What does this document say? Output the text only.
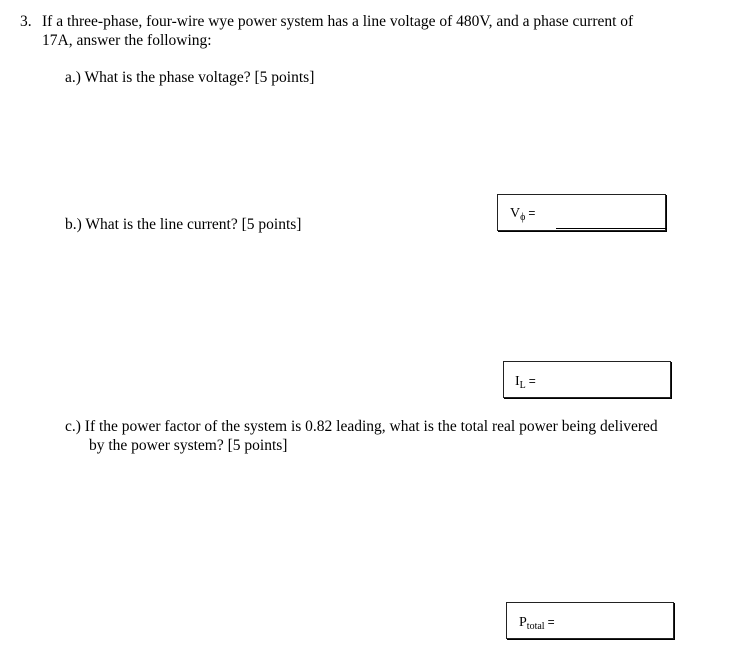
3. If a three-phase, four-wire wye power system has a line voltage of 480V, and a phase current of
17A, answer the following:
a.) What is the phase voltage? [5 points]
$V_\phi$ =
b.) What is the line current? [5 points]
$I_L$ =
c.) If the power factor of the system is 0.82 leading, what is the total real power being delivered
by the power system? [5 points]
$P_{total}$ =
